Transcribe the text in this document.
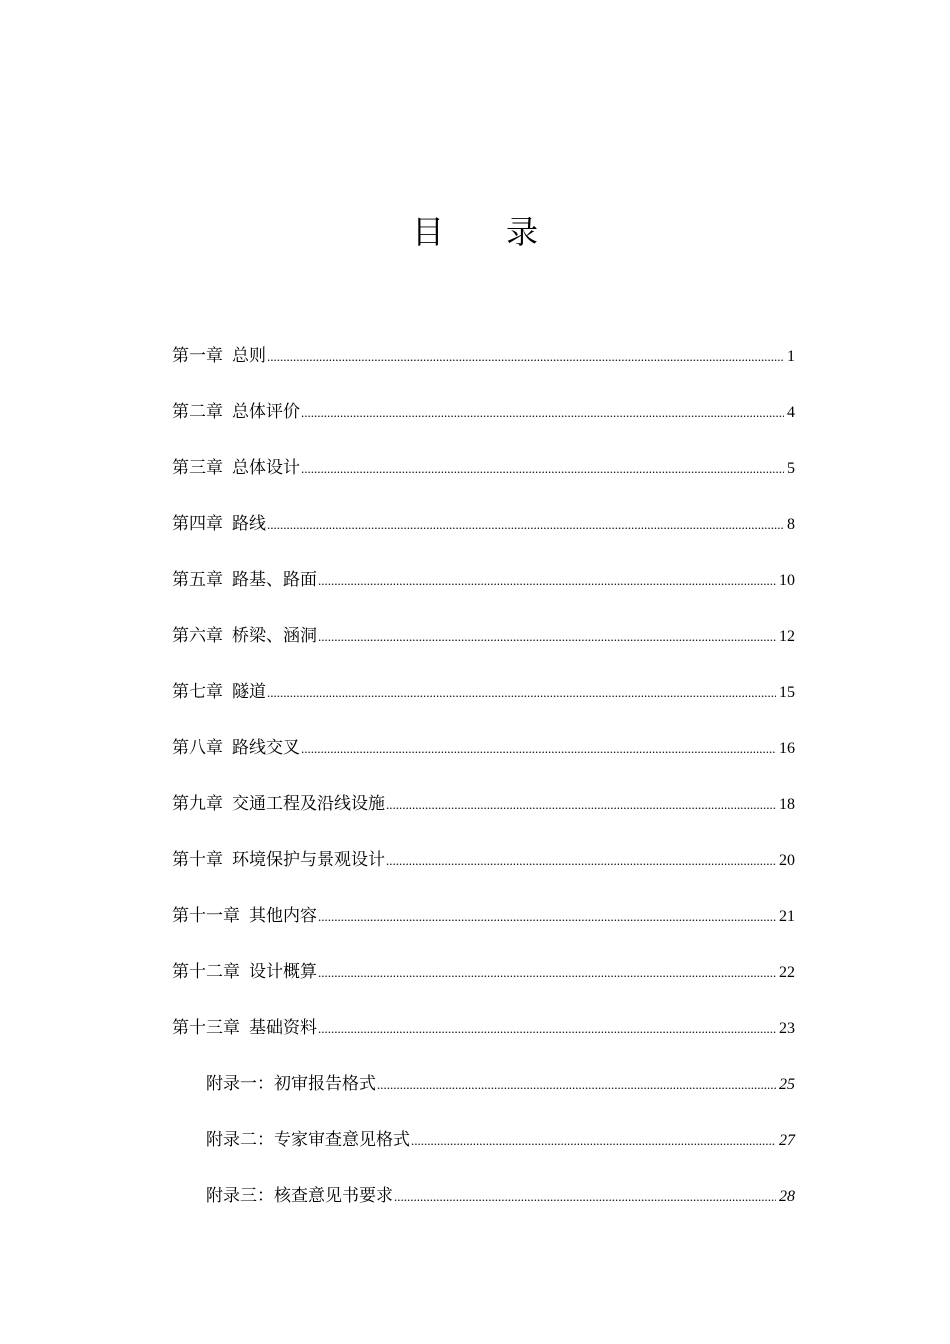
目 录
第一章 总则 .....	1
第二章 总体评价 .....	4
第三章 总体设计 .....	5
第四章 路线 .....	8
第五章 路基、路面 .....	10
第六章 桥梁、涵洞 .....	12
第七章 隧道 .....	15
第八章 路线交叉 .....	16
第九章 交通工程及沿线设施 .....	18
第十章 环境保护与景观设计 .....	20
第十一章 其他内容 .....	21
第十二章 设计概算 .....	22
第十三章 基础资料 .....	23
附录一：初审报告格式 .....	25
附录二：专家审查意见格式 .....	27
附录三：核查意见书要求 .....	28
